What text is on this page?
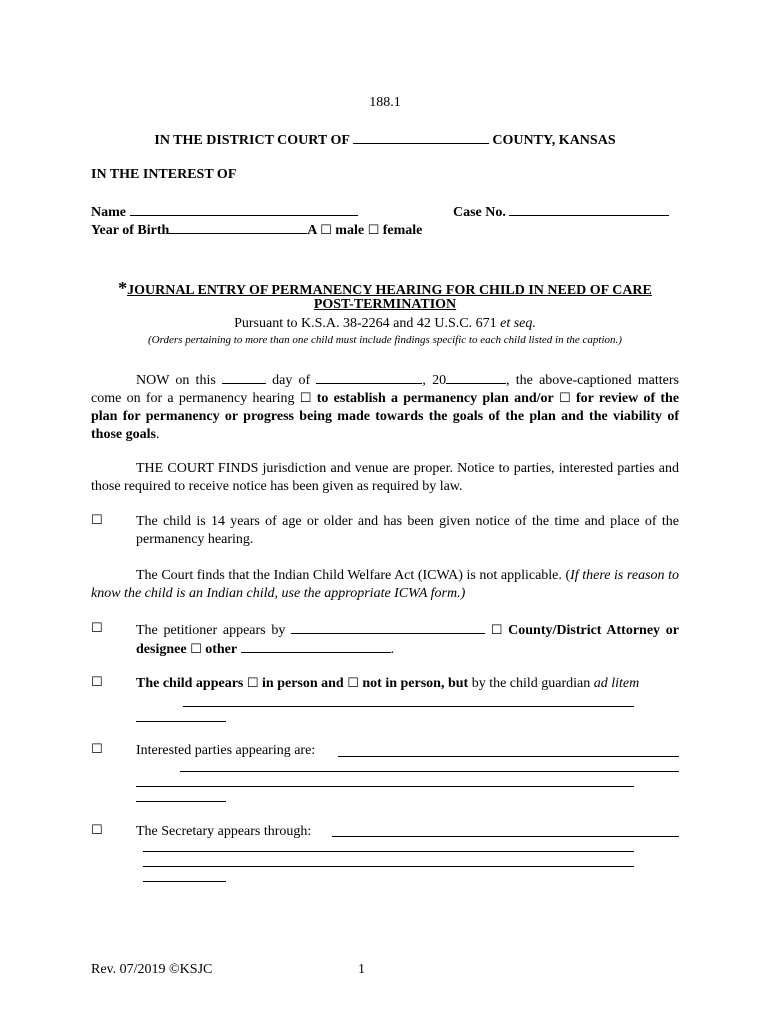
188.1
IN THE DISTRICT COURT OF	COUNTY, KANSAS
IN THE INTEREST OF
Name	Case No.
Year of Birth	A ☐ male ☐ female
*JOURNAL ENTRY OF PERMANENCY HEARING FOR CHILD IN NEED OF CARE
POST-TERMINATION
Pursuant to K.S.A. 38-2264 and 42 U.S.C. 671 et seq.
(Orders pertaining to more than one child must include findings specific to each child listed in the caption.)
NOW on this	day of	, 20	, the above-captioned matters come on for a permanency hearing ☐ to establish a permanency plan and/or ☐ for review of the plan for permanency or progress being made towards the goals of the plan and the viability of those goals.
THE COURT FINDS jurisdiction and venue are proper. Notice to parties, interested parties and those required to receive notice has been given as required by law.
☐ The child is 14 years of age or older and has been given notice of the time and place of the permanency hearing.
The Court finds that the Indian Child Welfare Act (ICWA) is not applicable. (If there is reason to know the child is an Indian child, use the appropriate ICWA form.)
☐ The petitioner appears by	☐ County/District Attorney or designee ☐ other	.
☐ The child appears ☐ in person and ☐ not in person, but by the child guardian ad litem
☐ Interested parties appearing are:
☐ The Secretary appears through:
Rev. 07/2019 ©KSJC	1
